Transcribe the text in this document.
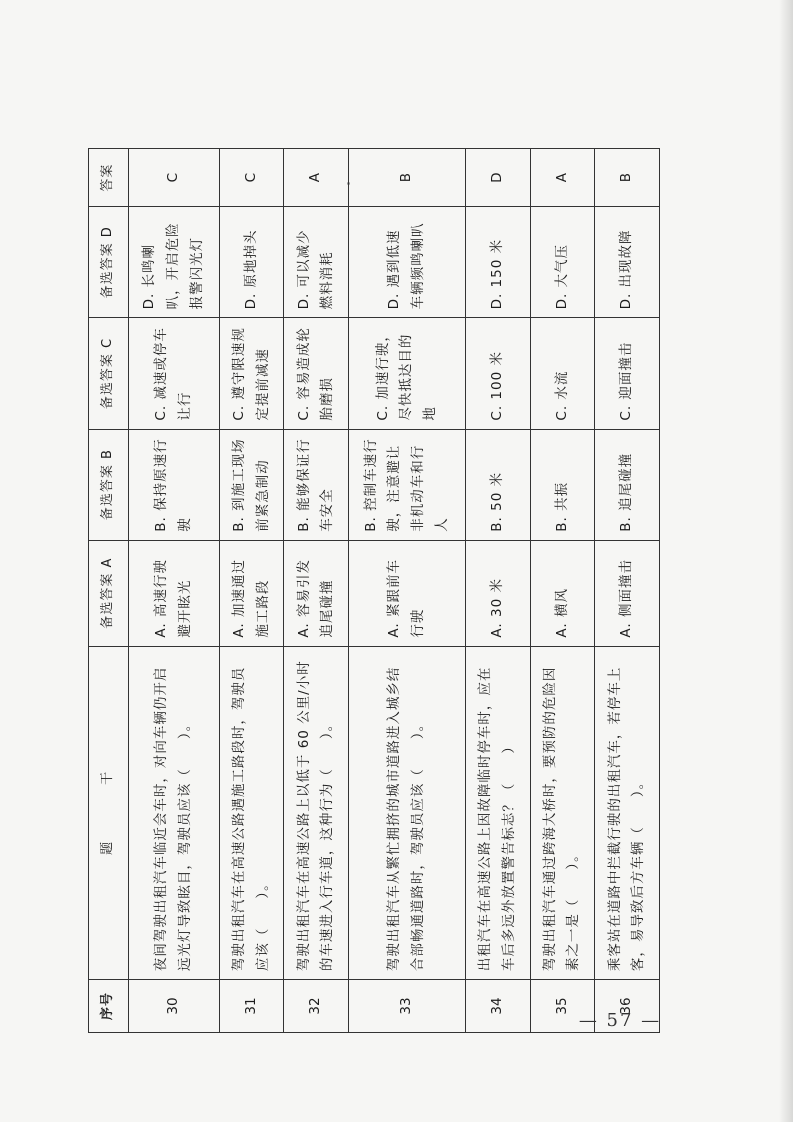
序号	题　　　　干	备选答案 A	备选答案 B	备选答案 C	备选答案 D	答案
30	夜间驾驶出租汽车临近会车时，对向车辆仍开启远光灯导致眩目，驾驶员应该（　　）。	A. 高速行驶避开眩光	B. 保持原速行驶	C. 减速或停车让行	D. 长鸣喇叭，开启危险报警闪光灯	C
31	驾驶出租汽车在高速公路遇施工路段时，驾驶员应该（　　）。	A. 加速通过施工路段	B. 到施工现场前紧急制动	C. 遵守限速规定提前减速	D. 原地掉头	C
32	驾驶出租汽车在高速公路上以低于 60 公里/小时的车速进入行车道，这种行为（　　）。	A. 容易引发追尾碰撞	B. 能够保证行车安全	C. 容易造成轮胎磨损	D. 可以减少燃料消耗	A
33	驾驶出租汽车从繁忙拥挤的城市道路进入城乡结合部畅通道路时，驾驶员应该（　　）。	A. 紧跟前车行驶	B. 控制车速行驶，注意避让非机动车和行人	C. 加速行驶，尽快抵达目的地	D. 遇到低速车辆频鸣喇叭	B
34	出租汽车在高速公路上因故障临时停车时，应在车后多远外放置警告标志？（　　）	A. 30 米	B. 50 米	C. 100 米	D. 150 米	D
35	驾驶出租汽车通过跨海大桥时，要预防的危险因素之一是（　　）。	A. 横风	B. 共振	C. 水流	D. 大气压	A
36	乘客站在道路中拦截行驶的出租汽车，若停车上客，易导致后方车辆（　　）。	A. 侧面撞击	B. 追尾碰撞	C. 迎面撞击	D. 出现故障	B
— 57 —
